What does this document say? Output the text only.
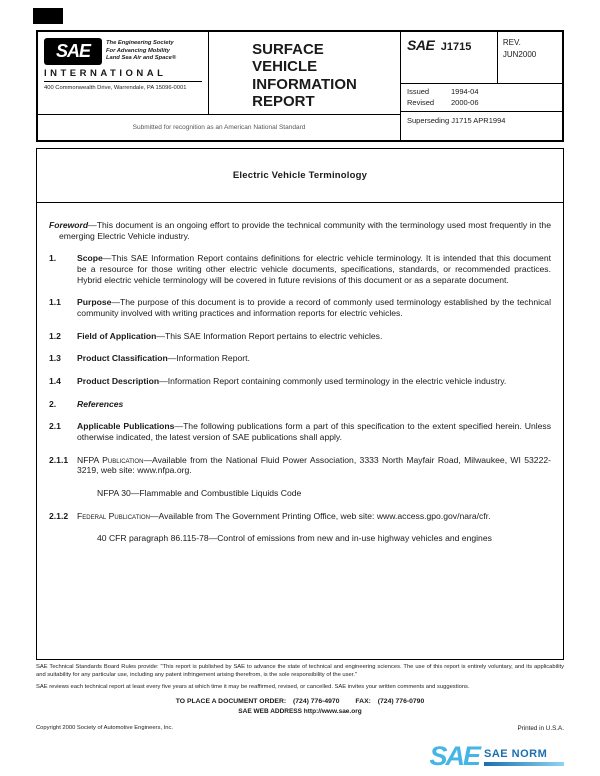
SAE	The Engineering Society
For Advancing Mobility
Land Sea Air and Space®
INTERNATIONAL
400 Commonwealth Drive, Warrendale, PA 15096-0001
SURFACE
VEHICLE
INFORMATION
REPORT
SAE J1715	REV.
JUN2000
Issued	1994-04
Revised	2000-06
Superseding J1715 APR1994
Submitted for recognition as an American National Standard
Electric Vehicle Terminology
Foreword—This document is an ongoing effort to provide the technical community with the terminology used most frequently in the emerging Electric Vehicle industry.
1.	Scope—This SAE Information Report contains definitions for electric vehicle terminology. It is intended that this document be a resource for those writing other electric vehicle documents, specifications, standards, or recommended practices. Hybrid electric vehicle terminology will be covered in future revisions of this document or as a separate document.
1.1	Purpose—The purpose of this document is to provide a record of commonly used terminology established by the technical community involved with writing practices and information reports for electric vehicles.
1.2	Field of Application—This SAE Information Report pertains to electric vehicles.
1.3	Product Classification—Information Report.
1.4	Product Description—Information Report containing commonly used terminology in the electric vehicle industry.
2.	References
2.1	Applicable Publications—The following publications form a part of this specification to the extent specified herein. Unless otherwise indicated, the latest version of SAE publications shall apply.
2.1.1	NFPA Publication—Available from the National Fluid Power Association, 3333 North Mayfair Road, Milwaukee, WI 53222-3219, web site: www.nfpa.org.
NFPA 30—Flammable and Combustible Liquids Code
2.1.2	Federal Publication—Available from The Government Printing Office, web site: www.access.gpo.gov/nara/cfr.
40 CFR paragraph 86.115-78—Control of emissions from new and in-use highway vehicles and engines
SAE Technical Standards Board Rules provide: "This report is published by SAE to advance the state of technical and engineering sciences. The use of this report is entirely voluntary, and its applicability and suitability for any particular use, including any patent infringement arising therefrom, is the sole responsibility of the user."
SAE reviews each technical report at least every five years at which time it may be reaffirmed, revised, or cancelled. SAE invites your written comments and suggestions.
TO PLACE A DOCUMENT ORDER: (724) 776-4970 FAX: (724) 776-0790
SAE WEB ADDRESS http://www.sae.org
Copyright 2000 Society of Automotive Engineers, Inc.	Printed in U.S.A.
SAE SAE NORM
